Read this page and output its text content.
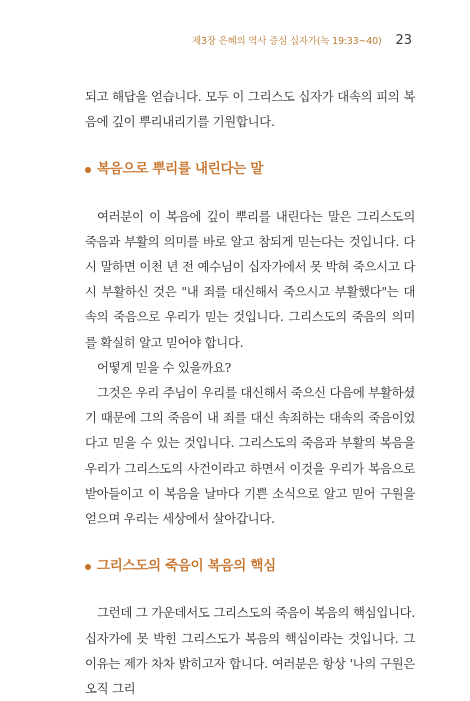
제3장 은혜의 역사 증심 십자가(녹 19:33~40) 23

되고 해답을 얻습니다. 모두 이 그리스도 십자가 대속의 피의 복음에 깊이 뿌리내리기를 기원합니다.

복음으로 뿌리를 내린다는 말

여러분이 이 복음에 깊이 뿌리를 내린다는 말은 그리스도의 죽음과 부활의 의미를 바로 알고 참되게 믿는다는 것입니다. 다시 말하면 이천 년 전 예수님이 십자가에서 못 박혀 죽으시고 다시 부활하신 것은 "내 죄를 대신해서 죽으시고 부활했다"는 대속의 죽음으로 우리가 믿는 것입니다. 그리스도의 죽음의 의미를 확실히 알고 믿어야 합니다.

어떻게 믿을 수 있을까요?

그것은 우리 주님이 우리를 대신해서 죽으신 다음에 부활하셨기 때문에 그의 죽음이 내 죄를 대신 속죄하는 대속의 죽음이었다고 믿을 수 있는 것입니다. 그리스도의 죽음과 부활의 복음을 우리가 그리스도의 사건이라고 하면서 이것을 우리가 복음으로 받아들이고 이 복음을 날마다 기쁜 소식으로 알고 믿어 구원을 얻으며 우리는 세상에서 살아갑니다.

그리스도의 죽음이 복음의 핵심

그런데 그 가운데서도 그리스도의 죽음이 복음의 핵심입니다. 십자가에 못 박힌 그리스도가 복음의 핵심이라는 것입니다. 그 이유는 제가 차차 밝히고자 합니다. 여러분은 항상 '나의 구원은 오직 그리
